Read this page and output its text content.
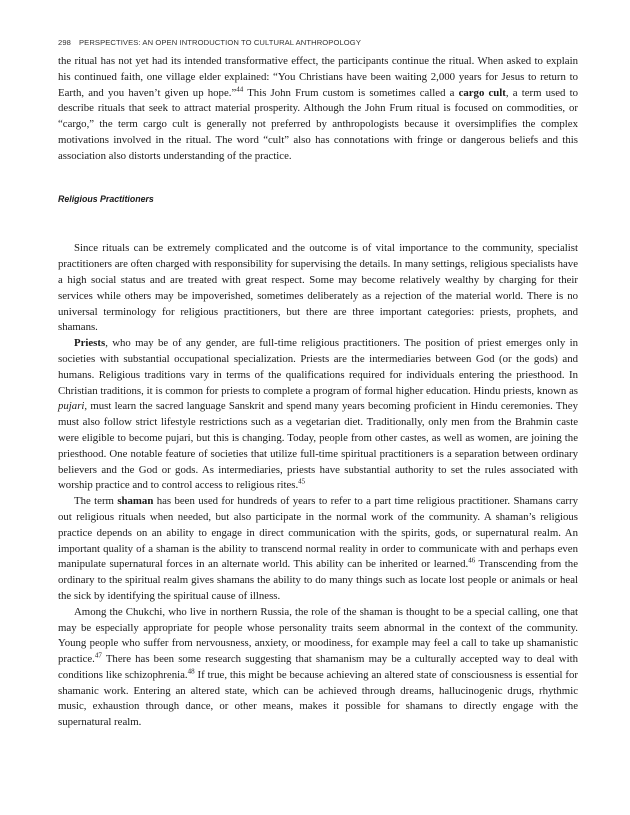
298 PERSPECTIVES: AN OPEN INTRODUCTION TO CULTURAL ANTHROPOLOGY

the ritual has not yet had its intended transformative effect, the participants continue the ritual. When asked to explain his continued faith, one village elder explained: “You Christians have been waiting 2,000 years for Jesus to return to Earth, and you haven’t given up hope.”$^{44}$ This John Frum custom is sometimes called a cargo cult, a term used to describe rituals that seek to attract material prosperity. Although the John Frum ritual is focused on commodities, or “cargo,” the term cargo cult is generally not preferred by anthropologists because it oversimplifies the complex motivations involved in the ritual. The word “cult” also has connotations with fringe or dangerous beliefs and this association also distorts understanding of the practice.

Religious Practitioners

Since rituals can be extremely complicated and the outcome is of vital importance to the community, specialist practitioners are often charged with responsibility for supervising the details. In many settings, religious specialists have a high social status and are treated with great respect. Some may become relatively wealthy by charging for their services while others may be impoverished, sometimes deliberately as a rejection of the material world. There is no universal terminology for religious practitioners, but there are three important categories: priests, prophets, and shamans.

Priests, who may be of any gender, are full-time religious practitioners. The position of priest emerges only in societies with substantial occupational specialization. Priests are the intermediaries between God (or the gods) and humans. Religious traditions vary in terms of the qualifications required for individuals entering the priesthood. In Christian traditions, it is common for priests to complete a program of formal higher education. Hindu priests, known as pujari, must learn the sacred language Sanskrit and spend many years becoming proficient in Hindu ceremonies. They must also follow strict lifestyle restrictions such as a vegetarian diet. Traditionally, only men from the Brahmin caste were eligible to become pujari, but this is changing. Today, people from other castes, as well as women, are joining the priesthood. One notable feature of societies that utilize full-time spiritual practitioners is a separation between ordinary believers and the God or gods. As intermediaries, priests have substantial authority to set the rules associated with worship practice and to control access to religious rites.$^{45}$

The term shaman has been used for hundreds of years to refer to a part time religious practitioner. Shamans carry out religious rituals when needed, but also participate in the normal work of the community. A shaman’s religious practice depends on an ability to engage in direct communication with the spirits, gods, or supernatural realm. An important quality of a shaman is the ability to transcend normal reality in order to communicate with and perhaps even manipulate supernatural forces in an alternate world. This ability can be inherited or learned.$^{46}$ Transcending from the ordinary to the spiritual realm gives shamans the ability to do many things such as locate lost people or animals or heal the sick by identifying the spiritual cause of illness.

Among the Chukchi, who live in northern Russia, the role of the shaman is thought to be a special calling, one that may be especially appropriate for people whose personality traits seem abnormal in the context of the community. Young people who suffer from nervousness, anxiety, or moodiness, for example may feel a call to take up shamanistic practice.$^{47}$ There has been some research suggesting that shamanism may be a culturally accepted way to deal with conditions like schizophrenia.$^{48}$ If true, this might be because achieving an altered state of consciousness is essential for shamanic work. Entering an altered state, which can be achieved through dreams, hallucinogenic drugs, rhythmic music, exhaustion through dance, or other means, makes it possible for shamans to directly engage with the supernatural realm.
